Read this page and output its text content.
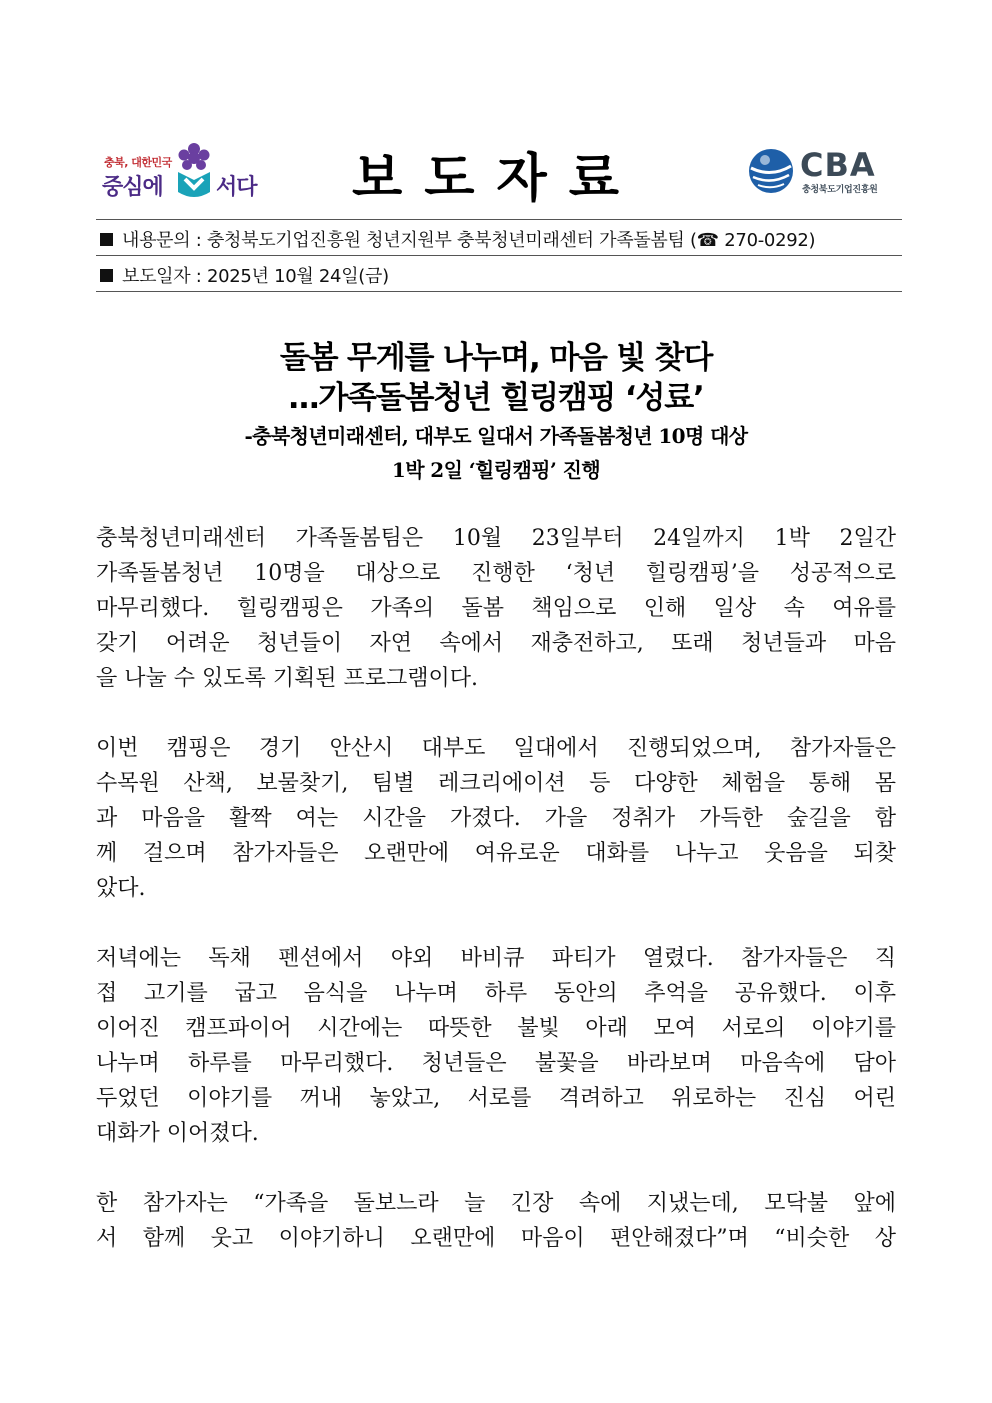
충북, 대한민국
중심에 서다 보도자료	CBA
충청북도기업진흥원
내용문의 : 충청북도기업진흥원 청년지원부 충북청년미래센터 가족돌봄팀 (☎ 270-0292)
보도일자 : 2025년 10월 24일(금)
돌봄 무게를 나누며, 마음 빛 찾다
…가족돌봄청년 힐링캠핑 ‘성료’
-충북청년미래센터, 대부도 일대서 가족돌봄청년 10명 대상
1박 2일 ‘힐링캠핑’ 진행
충북청년미래센터 가족돌봄팀은 10월 23일부터 24일까지 1박 2일간
가족돌봄청년 10명을 대상으로 진행한 ‘청년 힐링캠핑’을 성공적으로
마무리했다. 힐링캠핑은 가족의 돌봄 책임으로 인해 일상 속 여유를
갖기 어려운 청년들이 자연 속에서 재충전하고, 또래 청년들과 마음
을 나눌 수 있도록 기획된 프로그램이다.
이번 캠핑은 경기 안산시 대부도 일대에서 진행되었으며, 참가자들은
수목원 산책, 보물찾기, 팀별 레크리에이션 등 다양한 체험을 통해 몸
과 마음을 활짝 여는 시간을 가졌다. 가을 정취가 가득한 숲길을 함
께 걸으며 참가자들은 오랜만에 여유로운 대화를 나누고 웃음을 되찾
았다.
저녁에는 독채 펜션에서 야외 바비큐 파티가 열렸다. 참가자들은 직
접 고기를 굽고 음식을 나누며 하루 동안의 추억을 공유했다. 이후
이어진 캠프파이어 시간에는 따뜻한 불빛 아래 모여 서로의 이야기를
나누며 하루를 마무리했다. 청년들은 불꽃을 바라보며 마음속에 담아
두었던 이야기를 꺼내 놓았고, 서로를 격려하고 위로하는 진심 어린
대화가 이어졌다.
한 참가자는 “가족을 돌보느라 늘 긴장 속에 지냈는데, 모닥불 앞에
서 함께 웃고 이야기하니 오랜만에 마음이 편안해졌다”며 “비슷한 상
